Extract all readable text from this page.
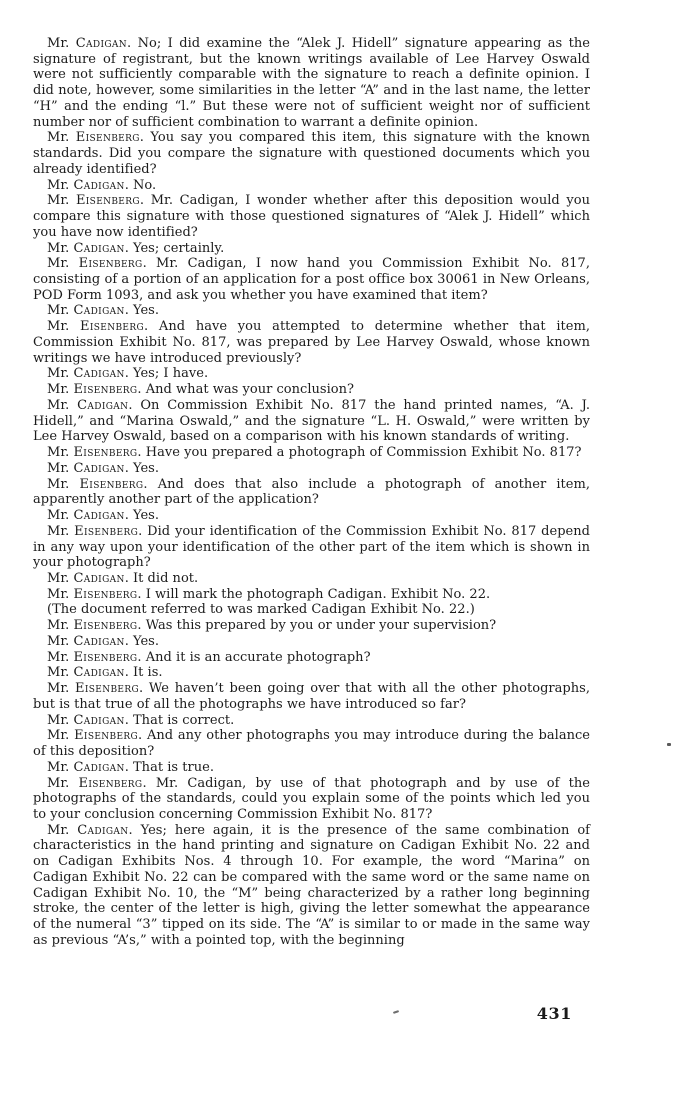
Mr. Cadigan. No; I did examine the “Alek J. Hidell” signature appearing as the signature of registrant, but the known writings available of Lee Harvey Oswald were not sufficiently comparable with the signature to reach a definite opinion. I did note, however, some similarities in the letter “A” and in the last name, the letter “H” and the ending “l.” But these were not of sufficient weight nor of sufficient number nor of sufficient combination to warrant a definite opinion.

Mr. Eisenberg. You say you compared this item, this signature with the known standards. Did you compare the signature with questioned documents which you already identified?

Mr. Cadigan. No.

Mr. Eisenberg. Mr. Cadigan, I wonder whether after this deposition would you compare this signature with those questioned signatures of “Alek J. Hidell” which you have now identified?

Mr. Cadigan. Yes; certainly.

Mr. Eisenberg. Mr. Cadigan, I now hand you Commission Exhibit No. 817, consisting of a portion of an application for a post office box 30061 in New Orleans, POD Form 1093, and ask you whether you have examined that item?

Mr. Cadigan. Yes.

Mr. Eisenberg. And have you attempted to determine whether that item, Commission Exhibit No. 817, was prepared by Lee Harvey Oswald, whose known writings we have introduced previously?

Mr. Cadigan. Yes; I have.

Mr. Eisenberg. And what was your conclusion?

Mr. Cadigan. On Commission Exhibit No. 817 the hand printed names, “A. J. Hidell,” and “Marina Oswald,” and the signature “L. H. Oswald,” were written by Lee Harvey Oswald, based on a comparison with his known standards of writing.

Mr. Eisenberg. Have you prepared a photograph of Commission Exhibit No. 817?

Mr. Cadigan. Yes.

Mr. Eisenberg. And does that also include a photograph of another item, apparently another part of the application?

Mr. Cadigan. Yes.

Mr. Eisenberg. Did your identification of the Commission Exhibit No. 817 depend in any way upon your identification of the other part of the item which is shown in your photograph?

Mr. Cadigan. It did not.

Mr. Eisenberg. I will mark the photograph Cadigan. Exhibit No. 22.

(The document referred to was marked Cadigan Exhibit No. 22.)

Mr. Eisenberg. Was this prepared by you or under your supervision?

Mr. Cadigan. Yes.

Mr. Eisenberg. And it is an accurate photograph?

Mr. Cadigan. It is.

Mr. Eisenberg. We haven’t been going over that with all the other photographs, but is that true of all the photographs we have introduced so far?

Mr. Cadigan. That is correct.

Mr. Eisenberg. And any other photographs you may introduce during the balance of this deposition?

Mr. Cadigan. That is true.

Mr. Eisenberg. Mr. Cadigan, by use of that photograph and by use of the photographs of the standards, could you explain some of the points which led you to your conclusion concerning Commission Exhibit No. 817?

Mr. Cadigan. Yes; here again, it is the presence of the same combination of characteristics in the hand printing and signature on Cadigan Exhibit No. 22 and on Cadigan Exhibits Nos. 4 through 10. For example, the word “Marina” on Cadigan Exhibit No. 22 can be compared with the same word or the same name on Cadigan Exhibit No. 10, the “M” being characterized by a rather long beginning stroke, the center of the letter is high, giving the letter somewhat the appearance of the numeral “3” tipped on its side. The “A” is similar to or made in the same way as previous “A’s,” with a pointed top, with the beginning

431
